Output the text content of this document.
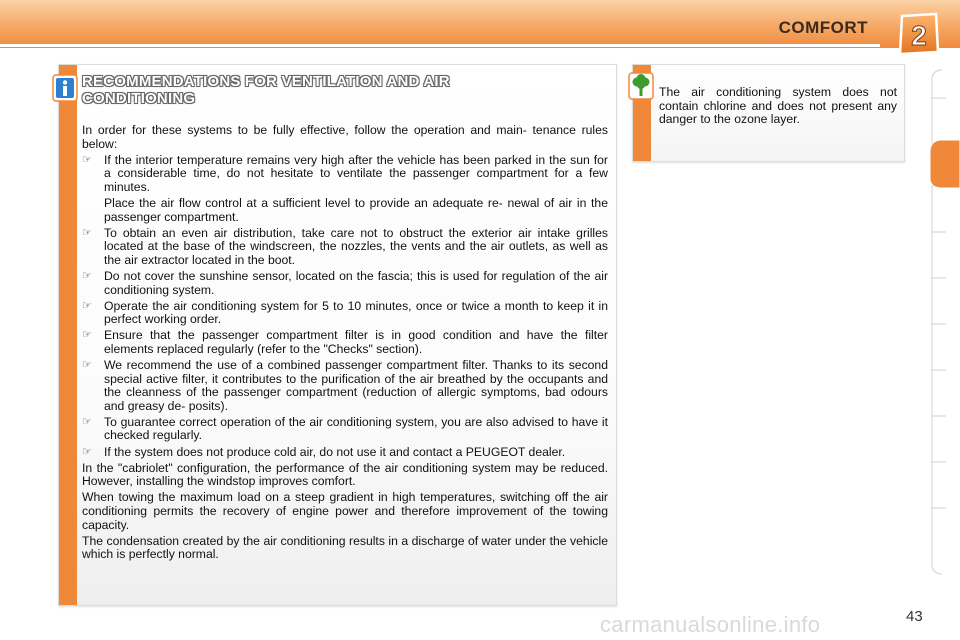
COMFORT 2
RECOMMENDATIONS FOR VENTILATION AND AIR
CONDITIONING

In order for these systems to be fully effective, follow the operation and main- tenance rules below:

☞ If the interior temperature remains very high after the vehicle has been parked in the sun for a considerable time, do not hesitate to ventilate the passenger compartment for a few minutes.
Place the air flow control at a sufficient level to provide an adequate re- newal of air in the passenger compartment.
☞ To obtain an even air distribution, take care not to obstruct the exterior air intake grilles located at the base of the windscreen, the nozzles, the vents and the air outlets, as well as the air extractor located in the boot.
☞ Do not cover the sunshine sensor, located on the fascia; this is used for regulation of the air conditioning system.
☞ Operate the air conditioning system for 5 to 10 minutes, once or twice a month to keep it in perfect working order.
☞ Ensure that the passenger compartment filter is in good condition and have the filter elements replaced regularly (refer to the "Checks" section).
☞ We recommend the use of a combined passenger compartment filter. Thanks to its second special active filter, it contributes to the purification of the air breathed by the occupants and the cleanness of the passenger compartment (reduction of allergic symptoms, bad odours and greasy de- posits).
☞ To guarantee correct operation of the air conditioning system, you are also advised to have it checked regularly.
☞ If the system does not produce cold air, do not use it and contact a PEUGEOT dealer.

In the "cabriolet" configuration, the performance of the air conditioning system may be reduced. However, installing the windstop improves comfort.

When towing the maximum load on a steep gradient in high temperatures, switching off the air conditioning permits the recovery of engine power and therefore improvement of the towing capacity.

The condensation created by the air conditioning results in a discharge of water under the vehicle which is perfectly normal.

The air conditioning system does not contain chlorine and does not present any danger to the ozone layer.
carmanualsonline.info	43
